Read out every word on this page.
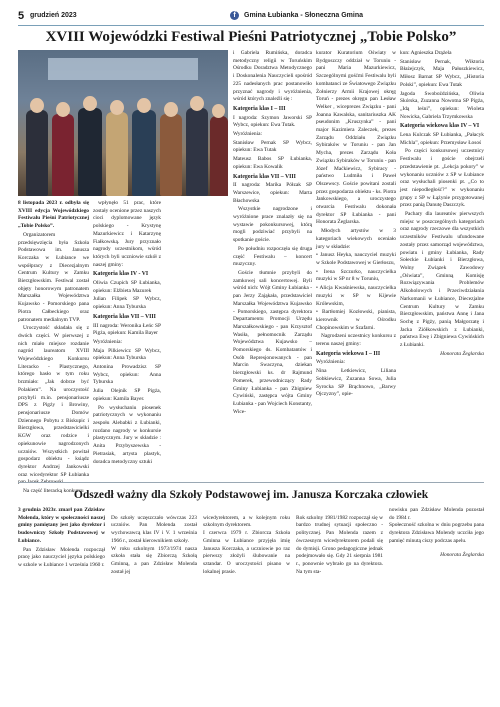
5 grudzień 2023	f	Gmina Łubianka - Słoneczna Gmina
XVIII Wojewódzki Festiwal Pieśni Patriotycznej „Tobie Polsko”

8 listopada 2023 r. odbyła się XVIII edycja Wojewódzkiego Festiwalu Pieśni Patriotycznej „Tobie Polsko”.

Organizatorem przedsięwzięcia była Szkoła Podstawowa im. Janusza Korczaka w Łubiance we współpracy z Diecezjalnym Centrum Kultury w Zamku Bierzgłowskim. Festiwal został objęty honorowym patronatem Marszałka Województwa Kujawsko - Pomorskiego pana Piotra Całbeckiego oraz patronatem medialnym TVP.

Uroczystość składała się z dwóch części. W pierwszej z nich miało miejsce rozdanie nagród laureatom XVIII Wojewódzkiego Konkursu Literacko - Plastycznego, którego hasło w tym roku brzmiało: „Jak dobrze być Polakiem”. Na uroczystość przybyli m.in. pensjonariusze DPS z Pigży i Browiny, pensjonariusze Domów Dziennego Pobytu z Biskupic i Bierzgłowa, przedstawicielki KGW oraz rodzice i opiekunowie nagrodzonych uczniów. Wszystkich powitał gospodarz obiektu - ksiądz dyrektor Andrzej Jankowski oraz wicedyrektor SP Łubianka

Na część literacką konkursu

wpłynęło 51 prac, które zostały ocenione przez naszych cioci dyplomowane język polskiego - Krystynę Mazurkiewicz i Katarzynę Fiałkowską. Jury przyznało nagrody uczestnikom, wśród których byli uczniowie szkół z naszej gminy:

Kategoria klas IV - VI

Oliwia Czupich SP Łubianka, opiekun: Elżbieta Mazurek

Julian Filipek SP Wybcz, opiekun: Anna Tyburska

Kategoria klas VII – VIII

III nagroda: Weronika Łeńc SP Pigża, opiekun: Kamila Bayer

Wyróżnienia:

Maja Pilkiewicz SP Wybcz, opiekun: Anna Tyburska

Antonina Prowadzisz SP Wybcz, opiekun: Anna Tyburska

Julia Olejnik SP Pigża, opiekun: Kamila Bayer.

Po wysłuchaniu piosenek patriotycznych w wykonaniu zespołu Alebabki z Łubianki, rozdano nagrody w konkursie plastycznym. Jury w składzie : Anita Przybyszewska - Pietrasiak, artysta plastyk, doradca metodyczny sztuki

i Gabriela Rumińska, doradca metodyczny religii w Toruńskim Ośrodku Doradztwa Metodycznego i Doskonalenia Nauczycieli spośród 225 nadesłanych prac postanowiło przyznać nagrody i wyróżnienia, wśród których znaleźli się :

Kategoria klas I – III

I nagroda: Szymon Jaworski SP Wybcz, opiekun: Ewa Tutak.

Wyróżnienia:

Stanisław Pernak SP Wybcz, opiekun: Ewa Tutak

Mateusz Babos SP Łubianka, opiekun: Ewa Kowalik

Kategoria klas VII – VIII

II nagroda: Marika Półzak SP Warszewice, opiekun: Marta Błachowska

Wszystkie nagrodzone i wyróżnione prace znalazły się na wystawie pokonkursowej, którą mogli podziwiać przybyli na spotkanie goście.

Po południu rozpoczęła się druga część Festiwalu – koncert muzyczny.

Goście tłumnie przybyli do zamkowej sali koncertowej. Byli wśród nich: Wójt Gminy Łubianka - pan Jerzy Zająkała, przedstawiciel Marszałka Województwa Kujawsko - Pomorskiego, zastępca dyrektora Departamentu Promocji Urzędu Marszałkowskiego - pan Krzysztof Wasiła, pełnomocnik Zarządu Województwa Kujawsko – Pomorskiego ds. Kombatantów i Osób Represjonowanych - pan Marcin Swaczyna, dziekan bierzgłowski ks. dr Rajmund Pomerek, przewodniczący Rady Gminy Łubianka - pan Zbigniew Cywiński, zastępca wójta Gminy Łubianka - pan Wojciech Konstanty, Wice-

kurator Kuratorium Oświaty w Bydgoszczy oddział w Toruniu - pani Maria Mazurkiewicz, Szczególnymi gośćmi Festiwalu byli kombatanci ze Światowego Związku Żołnierzy Armii Krajowej okręg Toruń - prezes okręgu pan Lesław Welker , wiceprezes Związku - pani Joanna Kawalska, sanitariuszka AK pseudonim „Kruszynka” - pani major Kazimiera Zaleczek, prezes Zarządu Oddziału Związku Sybiraków w Toruniu - pan Jan Mycha, prezes Zarządu Koła Związku Sybiraków w Toruniu - pan Józef Maćkiewicz, Sybiracy - państwo Ludmiła i Paweł Olszewscy. Goście powitani zostali przez gospodarza obiektu - ks. Piotra Jankowskiego, a uroczystego otwarcia Festiwalu dokonała dyrektor SP Łubianka - pani Honorata Żeglarska.

Młodych artystów w 3 kategoriach wiekowych oceniało jury w składzie:

• Janusz Heyka, nauczyciel muzyki w Szkole Podstawowej w Gierłoszu,

• Irena Szczurko, nauczycielka muzyki w SP nr 8 w Toruniu,

• Alicja Kwaśniewska, nauczycielka muzyki w SP w Kijewie Królewskim,

• Bartłomiej Kozłowski, pianista, kierownik w Ośrodku Chopinowskim w Szafarni.

Nagrodzeni uczestnicy konkursu z terenu naszej gminy:

Kategoria wiekowa I – III

Wyróżnienia:

Nina Łetkiewicz, Liliana Sobkiewicz, Zuzanna Sowa, Julia Syrocka SP Brąchnowo, „Barwy Ojczyzny”, opie-

kun: Agnieszka Drążela

Stanisław Pernak, Wiktoria Błażejczyk, Maja Pałuszkiewicz, Miłosz Barnat SP Wybcz, „Historia Polski”, opiekun: Ewa Tutak

Jagoda Swoboździńska, Oliwia Skórska, Zuzanna Nowotna SP Pigża, „Idą leśni”, opiekun: Wioleta Nowicka, Gabriela Trzymkowska

Kategoria wiekowa klas IV – VI

Lena Kulczak SP Łubianka, „Pałacyk Michla”, opiekun: Przemysław Łosoś

Po części konkursowej uczestnicy Festiwalu i goście obejrzeli przedstawienie pt. „Lekcja pokory” w wykonaniu uczniów z SP w Łubiance oraz wysłuchali piosenki pt. „Co to jest niepodległość?” w wykonaniu grupy z SP w Łążynie przygotowanej przez panią Danutę Daszczyk.

Pachary dla laureatów pierwszych miejsc w poszczególnych kategoriach oraz nagrody rzeczowe dla wszystkich uczestników Festiwalu ufundowane zostały przez samorząd województwa, powiatu i gminy Łubianka, Rady Sołeckie Łubianki i Bierzgłowa, Wolny Związek Zawodowy „Oświata”, Gminną Komisję Rozwiązywania Problemów Alkoholowych i Przeciwdziałania Narkomanii w Łubiance, Diecezjalne Centrum Kultury w Zamku Bierzgłowskim, państwa Annę i Jana Sochę z Pigży, panią Małgorzatę i Jacka Ziółkowskich z Łubianki, państwa Ewę i Zbigniewa Cywińskich z Łubianki.

Honorata Żeglarska

Odszedł ważny dla Szkoły Podstawowej im. Janusza Korczaka człowiek

3 grudnia 2023r. zmarł pan Zdzisław Molenda, który w społeczności naszej gminy pamiętany jest jako dyrektor i budowniczy Szkoły Podstawowej w Łubiance.

Pan Zdzisław Molenda rozpoczął pracę jako nauczyciel języka polskiego w szkole w Łubiance 1 września 1960 r.

Do szkoły uczęszczało wówczas 223 uczniów. Pan Molenda został wychowawcą klas IV i V. 1 września 1966 r., został kierownikiem szkoły.
W roku szkolnym 1973/1974 nasza szkoła stała się Zbiorczą Szkołą Gminną, a pan Zdzisław Molenda został jej

wicedyrektorem, a w kolejnym roku szkolnym dyrektorem.
I czerwca 1979 r. Zbiorcza Szkoła Gminna w Łubiance przyjęła imię Janusza Korczaka, a uczniowie po raz pierwszy złożyli ślubowanie na sztandar. O uroczystości pisano w lokalnej prasie.

Rok szkolny 1981/1982 rozpoczął się w bardzo trudnej sytuacji społeczno - politycznej. Pan Molenda razem z ówczesnym wicedyrektorem podali się do dymisji. Grono pedagogiczne jednak podejmowało się. Gdy 21 sierpnia 1981 r., ponownie wybrało go na dyrektora. Na tym sta-

nowisku pan Zdzisław Molenda pozostał do 1984 r.
Społeczność szkolna w dniu pogrzebu pana dyrektora Zdzisława Molendy uczciła jego pamięć minutą ciszy podczas apelu.

Honorata Żeglarska
